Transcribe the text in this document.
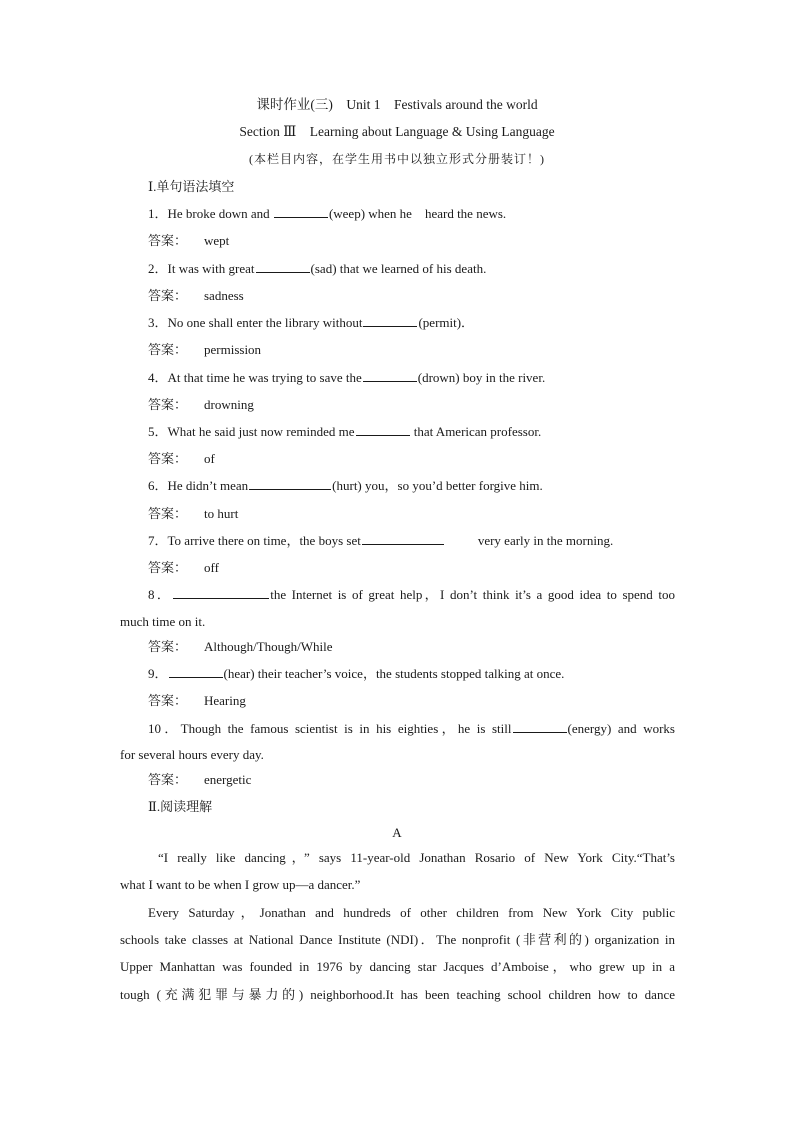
课时作业(三)　Unit 1　Festivals around the world
Section Ⅲ　Learning about Language & Using Language
(本栏目内容，在学生用书中以独立形式分册装订！)
Ⅰ.单句语法填空
1．He broke down and	(weep) when he　heard the news.
答案： wept
2．It was with great	(sad) that we learned of his death.
答案： sadness
3．No one shall enter the library without	(permit)．
答案： permission
4．At that time he was trying to save the	(drown) boy in the river.
答案： drowning
5．What he said just now reminded me	that American professor.
答案： of
6．He didn’t mean	(hurt) you，so you’d better forgive him.
答案： to hurt
7．To arrive there on time，the boys set	very early in the morning.
答案： off
8．	the Internet is of great help，I don’t think it’s a good idea to spend too
much time on it.
答案： Although/Though/While
9．	(hear) their teacher’s voice，the students stopped talking at once.
答案： Hearing
10．Though the famous scientist is in his eighties，he is still	(energy) and works
for several hours every day.
答案： energetic
Ⅱ.阅读理解
A
“I really like dancing，” says 11-year-old Jonathan Rosario of New York City.“That’s
what I want to be when I grow up—a dancer.”
Every Saturday，Jonathan and hundreds of other children from New York City public
schools take classes at National Dance Institute (NDI)．The nonprofit (非营利的) organization in
Upper Manhattan was founded in 1976 by dancing star Jacques d’Amboise，who grew up in a
tough (充满犯罪与暴力的) neighborhood.It has been teaching school children how to dance
